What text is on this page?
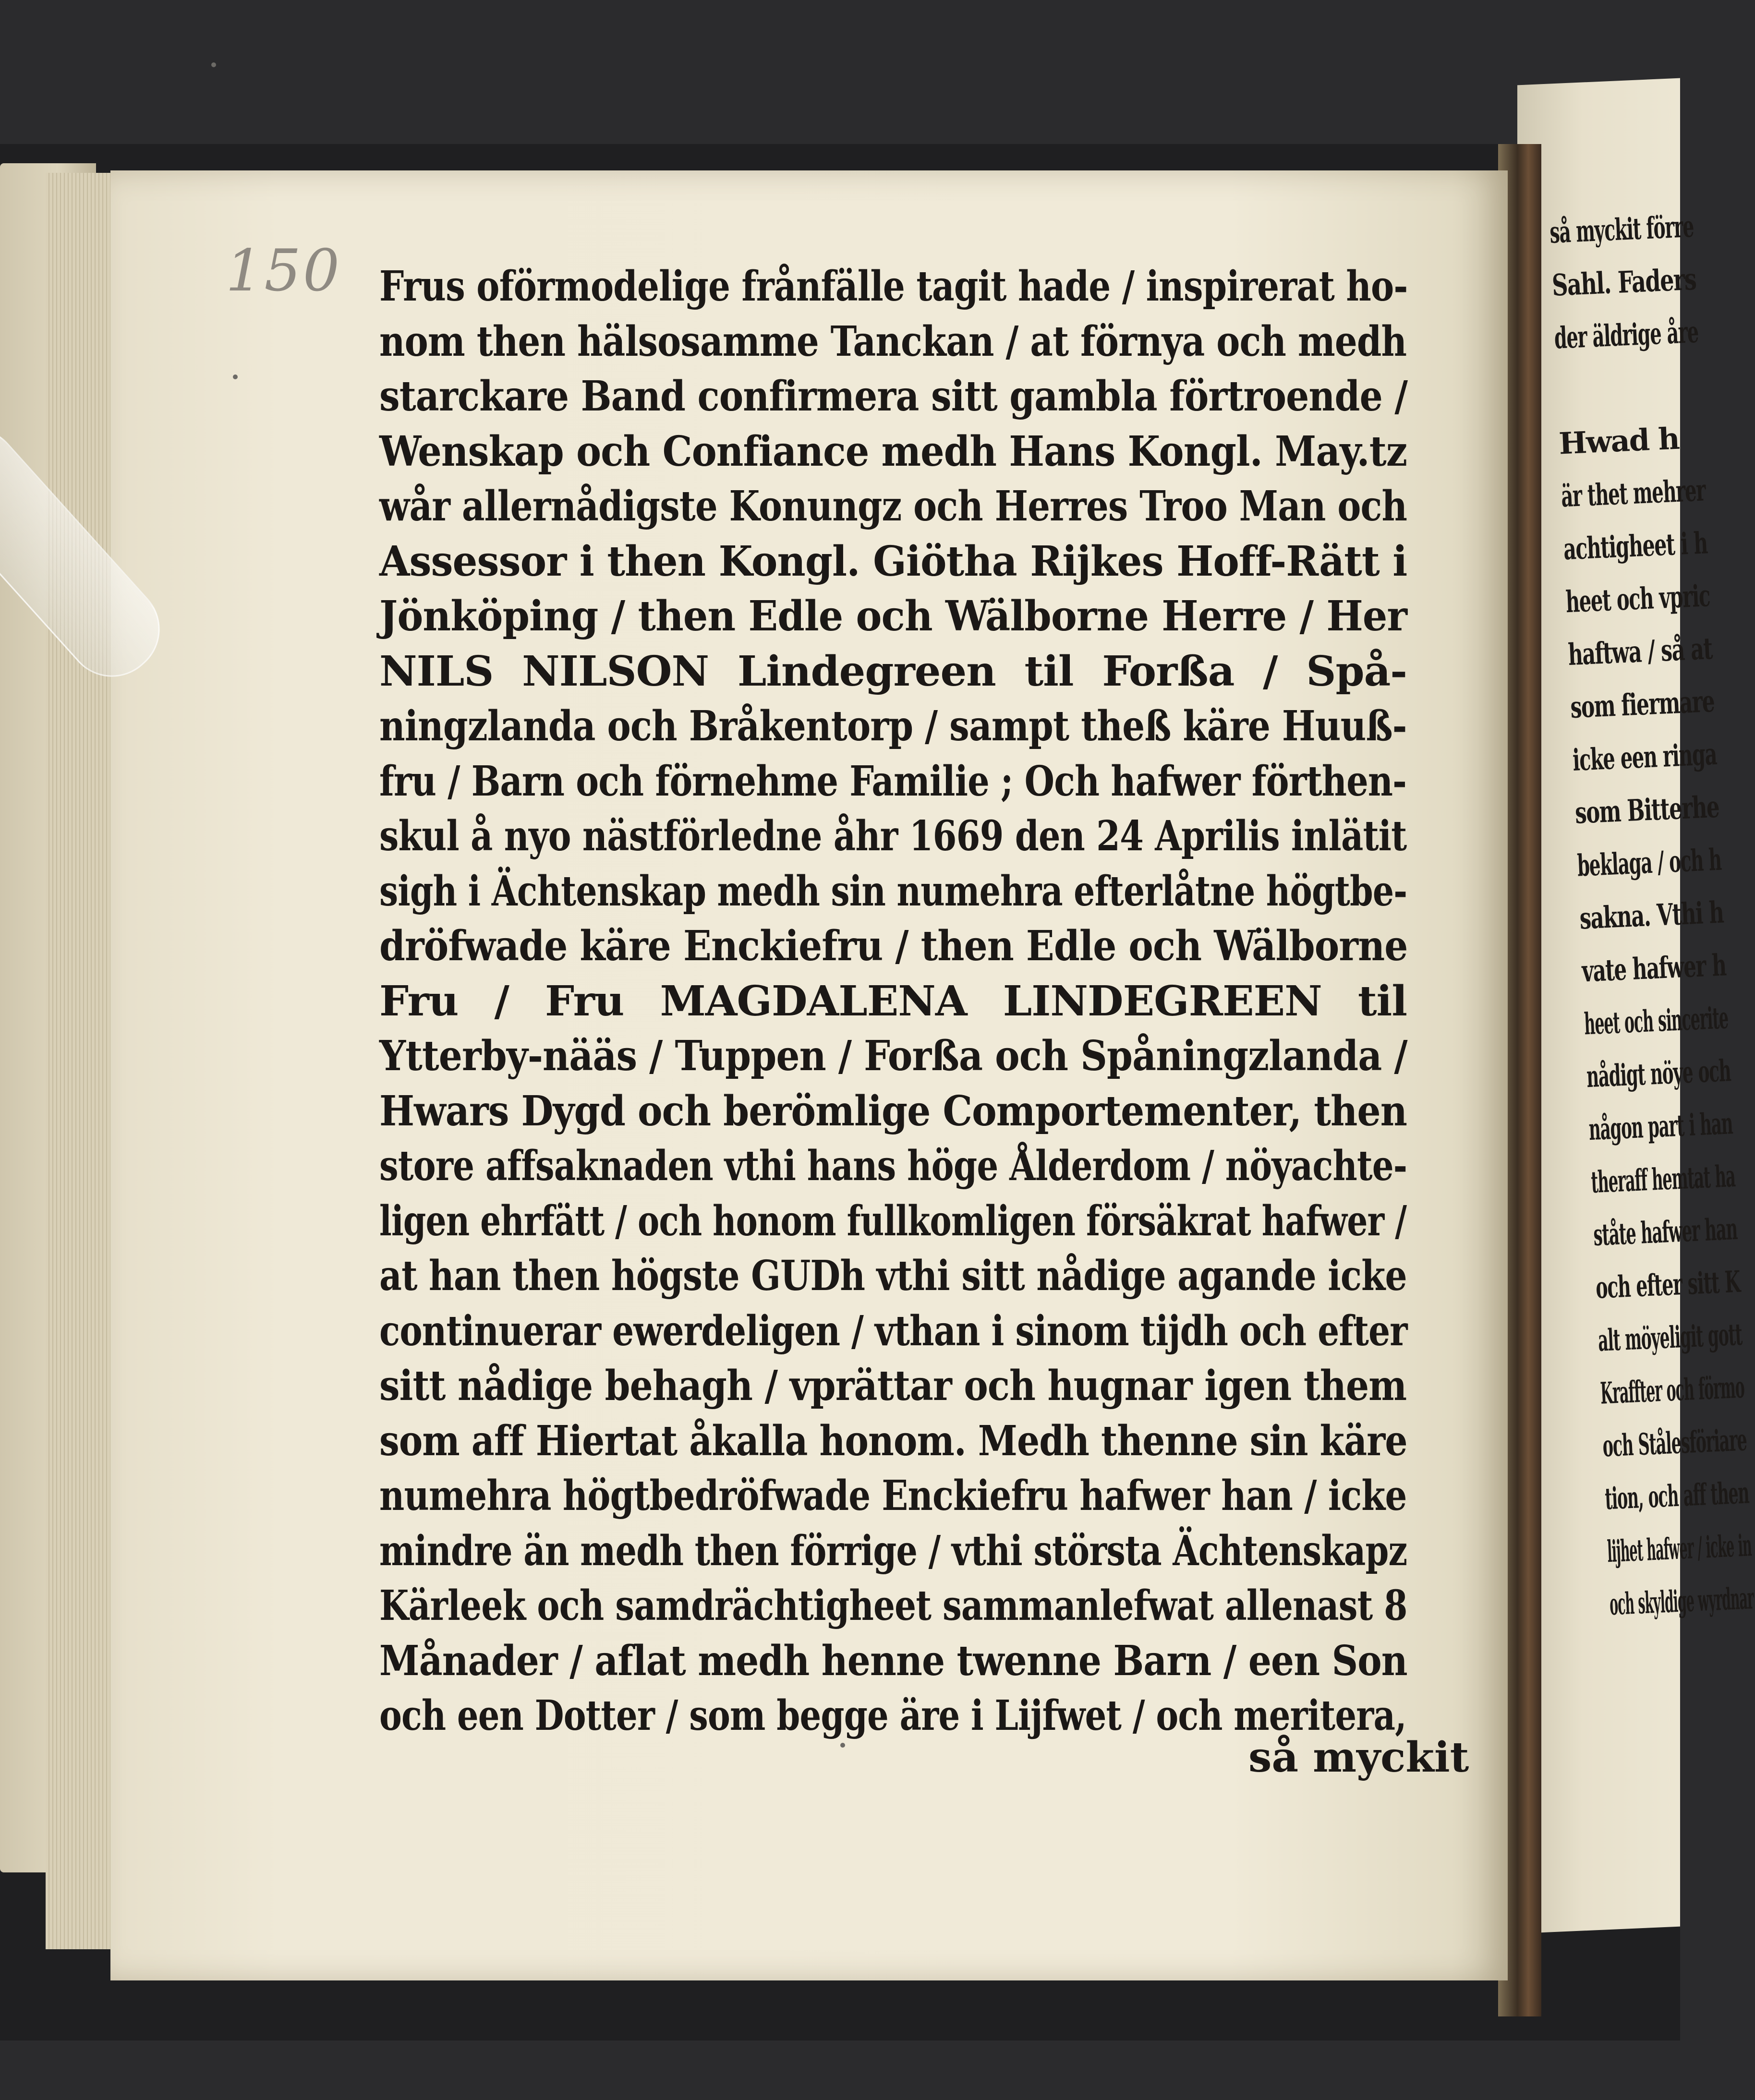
150 Frus oförmodelige frånfälle tagit hade / inspirerat ho-
nom then hälsosamme Tanckan / at förnya och medh
starckare Band confirmera sitt gambla förtroende /
Wenskap och Confiance medh Hans Kongl. May.tz
wår allernådigste Konungz och Herres Troo Man och
Assessor i then Kongl. Giötha Rijkes Hoff-Rätt i
Jönköping / then Edle och Wälborne Herre / Her
NILS NILSON Lindegreen til Forßa / Spå-
ningzlanda och Bråkentorp / sampt theß käre Huuß-
fru / Barn och förnehme Familie ; Och hafwer förthen-
skul å nyo nästförledne åhr 1669 den 24 Aprilis inlätit
sigh i Ächtenskap medh sin numehra efterlåtne högtbe-
dröfwade käre Enckiefru / then Edle och Wälborne
Fru / Fru MAGDALENA LINDEGREEN til
Ytterby-nääs / Tuppen / Forßa och Spåningzlanda /
Hwars Dygd och berömlige Comportementer, then
store affsaknaden vthi hans höge Ålderdom / nöyachte-
ligen ehrfätt / och honom fullkomligen försäkrat hafwer /
at han then högste GUDh vthi sitt nådige agande icke
continuerar ewerdeligen / vthan i sinom tijdh och efter
sitt nådige behagh / vprättar och hugnar igen them
som aff Hiertat åkalla honom. Medh thenne sin käre
numehra högtbedröfwade Enckiefru hafwer han / icke
mindre än medh then förrige / vthi största Ächtenskapz
Kärleek och samdrächtigheet sammanlefwat allenast 8
Månader / aflat medh henne twenne Barn / een Son
och een Dotter / som begge äre i Lijfwet / och meritera,
så myckit
så myckit förre
Sahl. Faders
der äldrige åre
Hwad h
är thet mehrer
achtigheet i h
heet och vpric
haftwa / så at
som fiermare
icke een ringa
som Bitterhe
beklaga / och h
sakna. Vthi h
vate hafwer h
heet och sincerite
nådigt nöye och
någon part i han
theraff hemtat ha
ståte hafwer han
och efter sitt K
alt möyeligit gott
Kraffter och förmo
och Stålesföriare
tion, och aff then
lijhet hafwer / icke in
och skyldige wyrdnar
